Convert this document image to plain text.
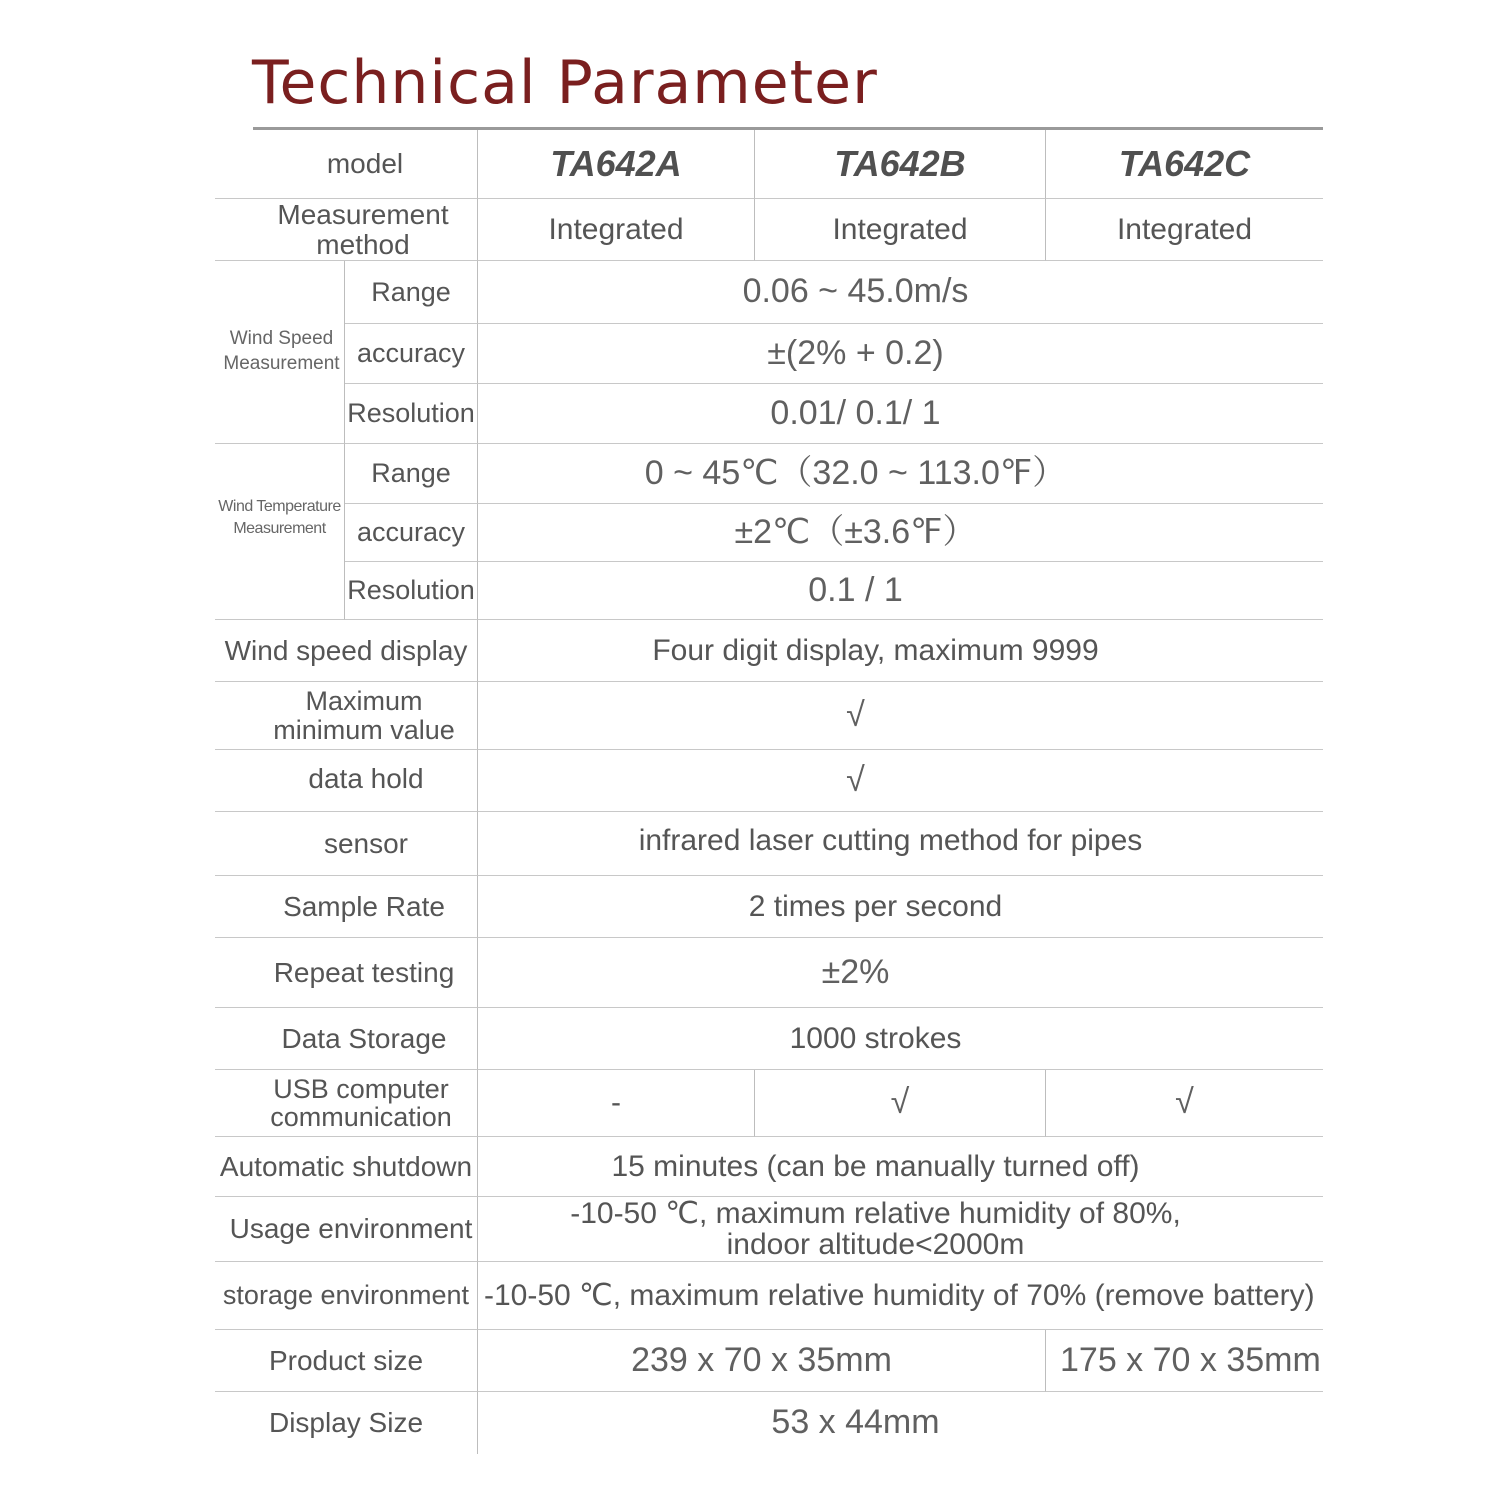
Technical Parameter
model	TA642A	TA642B	TA642C
Measurement method	Integrated	Integrated	Integrated
Wind Speed Measurement
Range	0.06 ~ 45.0m/s
accuracy	±(2% + 0.2)
Resolution	0.01/ 0.1/ 1
Wind Temperature Measurement
Range	0 ~ 45℃（32.0 ~ 113.0℉）
accuracy	±2℃（±3.6℉）
Resolution	0.1 / 1
Wind speed display	Four digit display, maximum 9999
Maximum minimum value	√
data hold	√
sensor	infrared laser cutting method for pipes
Sample Rate	2 times per second
Repeat testing	±2%
Data Storage	1000 strokes
USB computer communication	-	√	√
Automatic shutdown	15 minutes (can be manually turned off)
Usage environment	-10-50 ℃, maximum relative humidity of 80%,
indoor altitude<2000m
storage environment -10-50 ℃, maximum relative humidity of 70% (remove battery)
Product size	239 x 70 x 35mm	175 x 70 x 35mm
Display Size	53 x 44mm
